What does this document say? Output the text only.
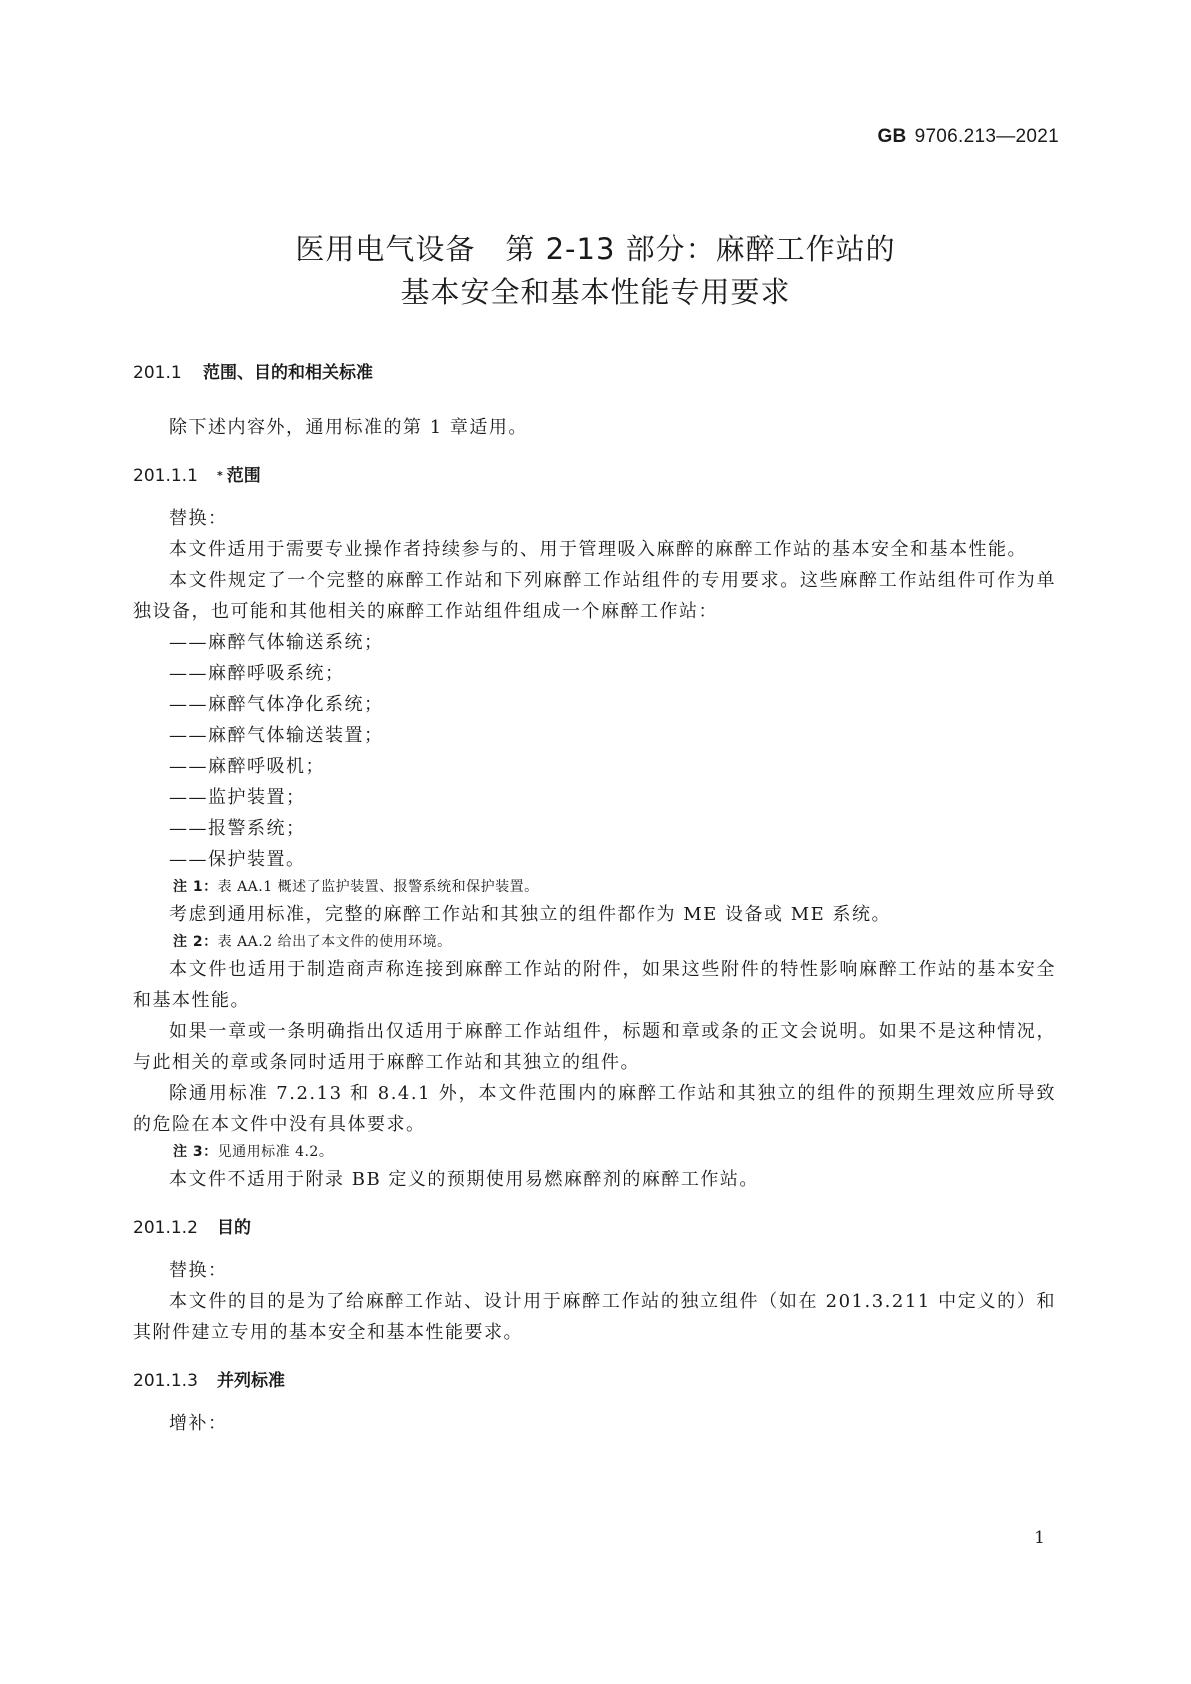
GB 9706.213—2021
医用电气设备　第 2-13 部分：麻醉工作站的
基本安全和基本性能专用要求
201.1	范围、目的和相关标准

除下述内容外，通用标准的第 1 章适用。

201.1.1	* 范围

替换：

本文件适用于需要专业操作者持续参与的、用于管理吸入麻醉的麻醉工作站的基本安全和基本性能。

本文件规定了一个完整的麻醉工作站和下列麻醉工作站组件的专用要求。这些麻醉工作站组件可作为单独设备，也可能和其他相关的麻醉工作站组件组成一个麻醉工作站：

——麻醉气体输送系统；
——麻醉呼吸系统；
——麻醉气体净化系统；
——麻醉气体输送装置；
——麻醉呼吸机；
——监护装置；
——报警系统；
——保护装置。
注 1：表 AA.1 概述了监护装置、报警系统和保护装置。

考虑到通用标准，完整的麻醉工作站和其独立的组件都作为 ME 设备或 ME 系统。

注 2：表 AA.2 给出了本文件的使用环境。

本文件也适用于制造商声称连接到麻醉工作站的附件，如果这些附件的特性影响麻醉工作站的基本安全和基本性能。

如果一章或一条明确指出仅适用于麻醉工作站组件，标题和章或条的正文会说明。如果不是这种情况，与此相关的章或条同时适用于麻醉工作站和其独立的组件。

除通用标准 7.2.13 和 8.4.1 外，本文件范围内的麻醉工作站和其独立的组件的预期生理效应所导致的危险在本文件中没有具体要求。

注 3：见通用标准 4.2。

本文件不适用于附录 BB 定义的预期使用易燃麻醉剂的麻醉工作站。

201.1.2	目的

替换：

本文件的目的是为了给麻醉工作站、设计用于麻醉工作站的独立组件（如在 201.3.211 中定义的）和其附件建立专用的基本安全和基本性能要求。

201.1.3	并列标准

增补：

1
